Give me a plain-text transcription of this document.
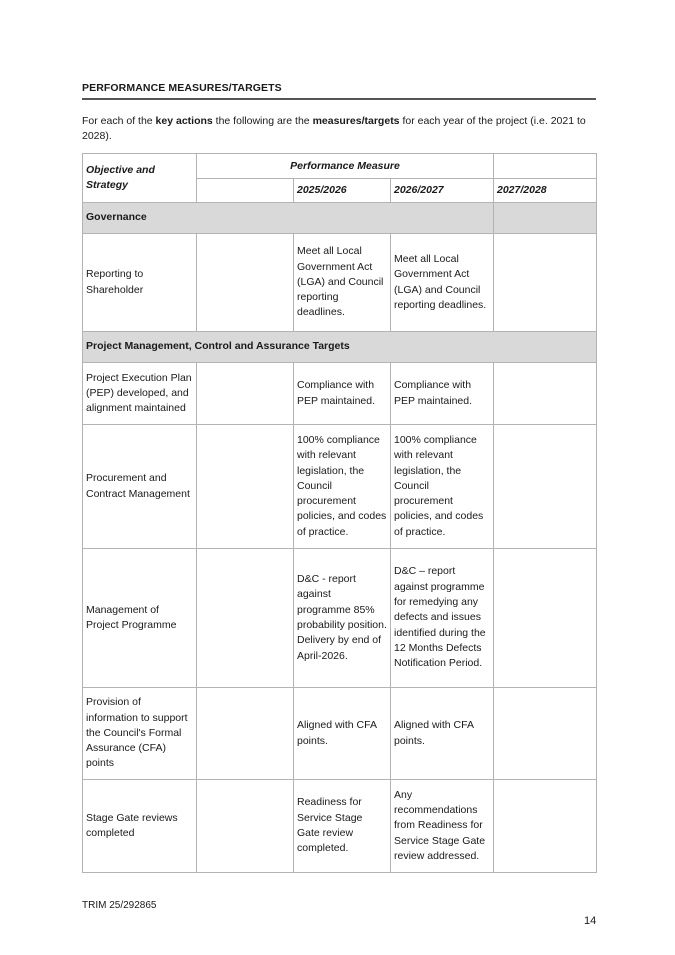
PERFORMANCE MEASURES/TARGETS
For each of the key actions the following are the measures/targets for each year of the project (i.e. 2021 to 2028).
Objective and Strategy	Performance Measure			
		2025/2026	2026/2027	2027/2028
Governance				
Reporting to Shareholder		Meet all Local Government Act (LGA) and Council reporting deadlines.	Meet all Local Government Act (LGA) and Council reporting deadlines.	
Project Management, Control and Assurance Targets				
Project Execution Plan (PEP) developed, and alignment maintained		Compliance with PEP maintained.	Compliance with PEP maintained.	
Procurement and Contract Management		100% compliance with relevant legislation, the Council procurement policies, and codes of practice.	100% compliance with relevant legislation, the Council procurement policies, and codes of practice.	
Management of Project Programme		D&C - report against programme 85% probability position. Delivery by end of April-2026.	D&C – report against programme for remedying any defects and issues identified during the 12 Months Defects Notification Period.	
Provision of information to support the Council's Formal Assurance (CFA) points		Aligned with CFA points.	Aligned with CFA points.	
Stage Gate reviews completed		Readiness for Service Stage Gate review completed.	Any recommendations from Readiness for Service Stage Gate review addressed.	
TRIM 25/292865
14
